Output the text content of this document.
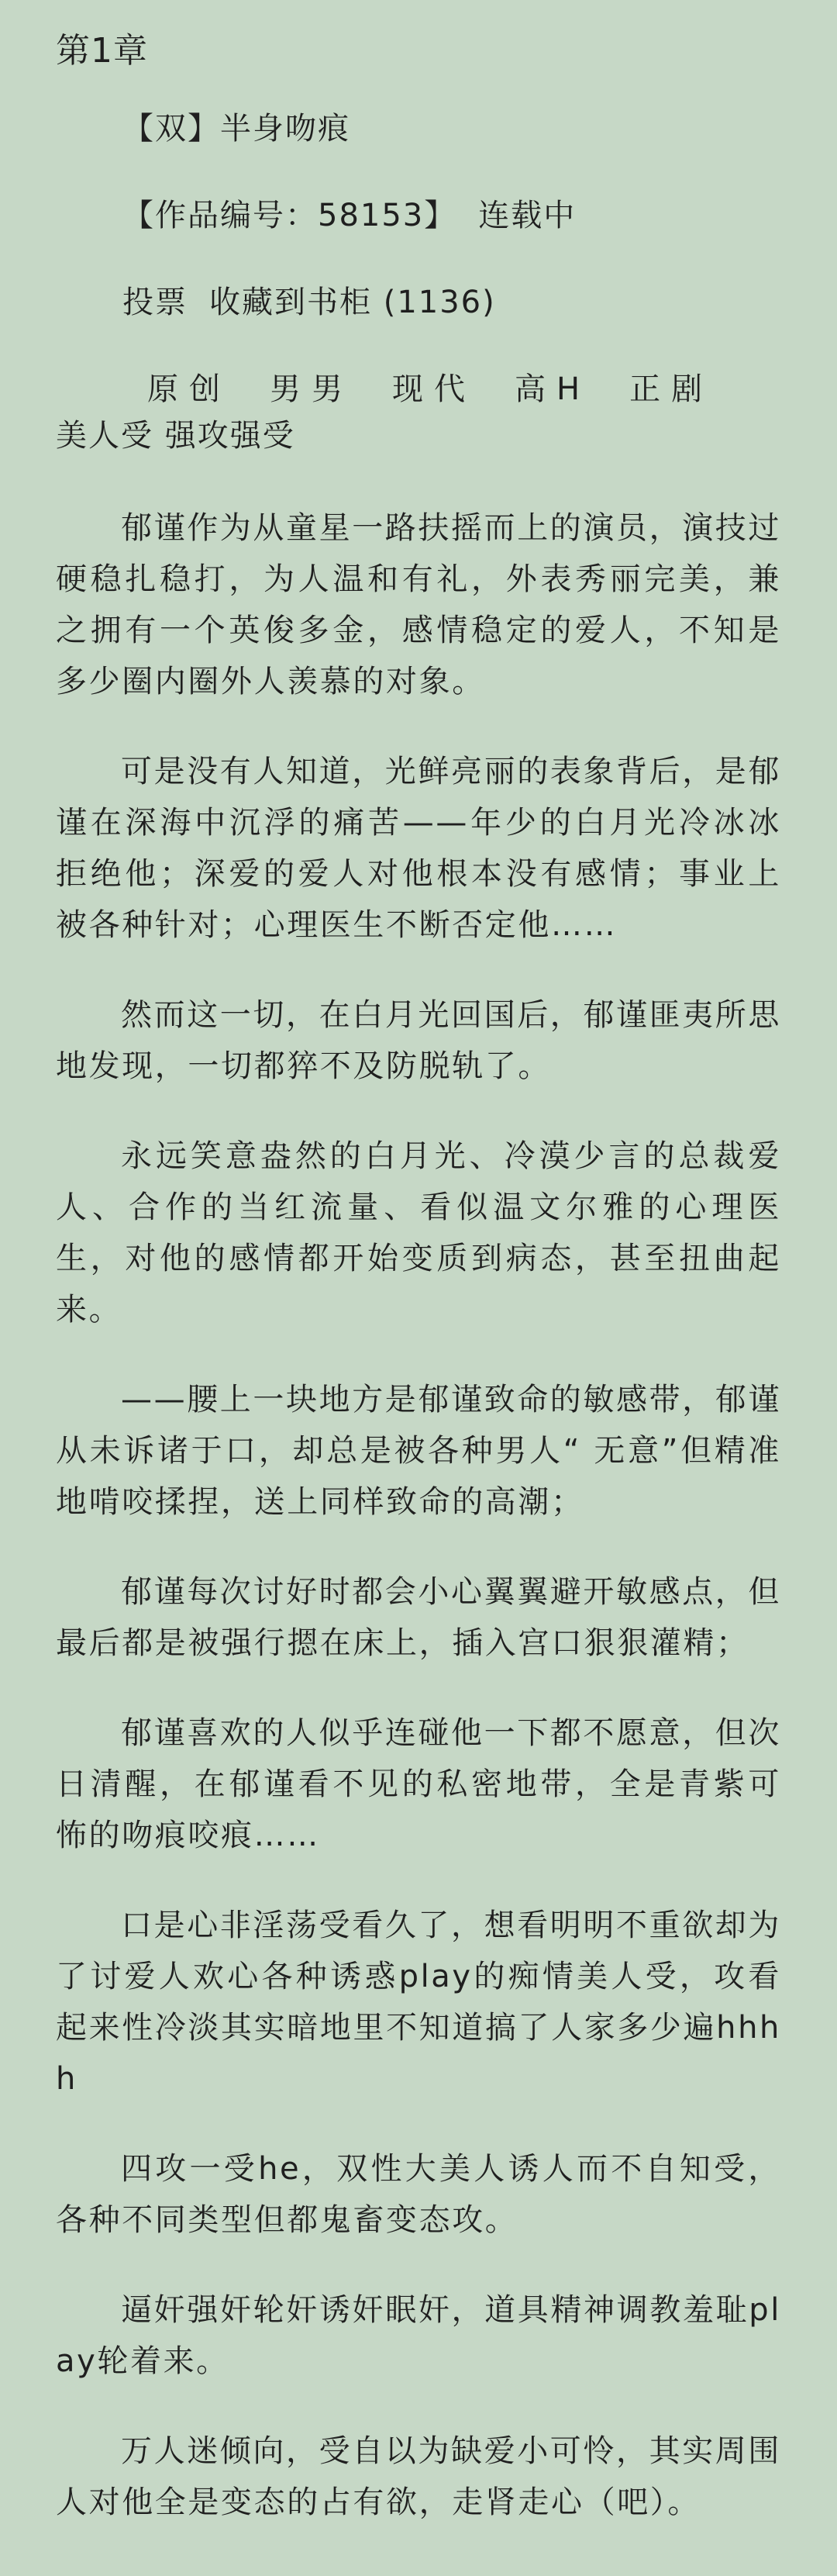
第1章
【双】半身吻痕
【作品编号：58153】 连载中
投票 收藏到书柜 (1136)
原创 男男 现代 高H 正剧
美人受 强攻强受

郁谨作为从童星一路扶摇而上的演员，演技过硬稳扎稳打，为人温和有礼，外表秀丽完美，兼之拥有一个英俊多金，感情稳定的爱人，不知是多少圈内圈外人羡慕的对象。

可是没有人知道，光鲜亮丽的表象背后，是郁谨在深海中沉浮的痛苦——年少的白月光冷冰冰拒绝他；深爱的爱人对他根本没有感情；事业上被各种针对；心理医生不断否定他……

然而这一切，在白月光回国后，郁谨匪夷所思地发现，一切都猝不及防脱轨了。

永远笑意盎然的白月光、冷漠少言的总裁爱人、合作的当红流量、看似温文尔雅的心理医生，对他的感情都开始变质到病态，甚至扭曲起来。

——腰上一块地方是郁谨致命的敏感带，郁谨从未诉诸于口，却总是被各种男人“ 无意”但精准地啃咬揉捏，送上同样致命的高潮；

郁谨每次讨好时都会小心翼翼避开敏感点，但最后都是被强行摁在床上，插入宫口狠狠灌精；

郁谨喜欢的人似乎连碰他一下都不愿意，但次日清醒，在郁谨看不见的私密地带，全是青紫可怖的吻痕咬痕……

口是心非淫荡受看久了，想看明明不重欲却为了讨爱人欢心各种诱惑play的痴情美人受，攻看起来性冷淡其实暗地里不知道搞了人家多少遍hhhh

四攻一受he，双性大美人诱人而不自知受，各种不同类型但都鬼畜变态攻。

逼奸强奸轮奸诱奸眠奸，道具精神调教羞耻play轮着来。

万人迷倾向，受自以为缺爱小可怜，其实周围人对他全是变态的占有欲，走肾走心（吧）。
